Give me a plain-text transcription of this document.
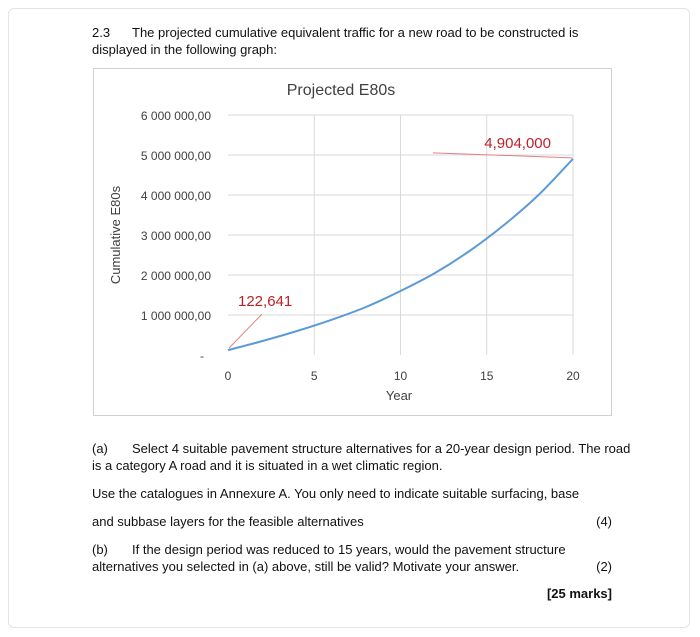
2.3 The projected cumulative equivalent traffic for a new road to be constructed is
displayed in the following graph:
-
1 000 000,00
2 000 000,00
3 000 000,00
4 000 000,00
5 000 000,00
6 000 000,00
0	5	10	15	20
122,641
4,904,000
Projected E80s
Year
Cumulative E80s
(a) Select 4 suitable pavement structure alternatives for a 20-year design period. The road
is a category A road and it is situated in a wet climatic region.
Use the catalogues in Annexure A. You only need to indicate suitable surfacing, base
and subbase layers for the feasible alternatives	(4)
(b) If the design period was reduced to 15 years, would the pavement structure
alternatives you selected in (a) above, still be valid? Motivate your answer.	(2)
[25 marks]
